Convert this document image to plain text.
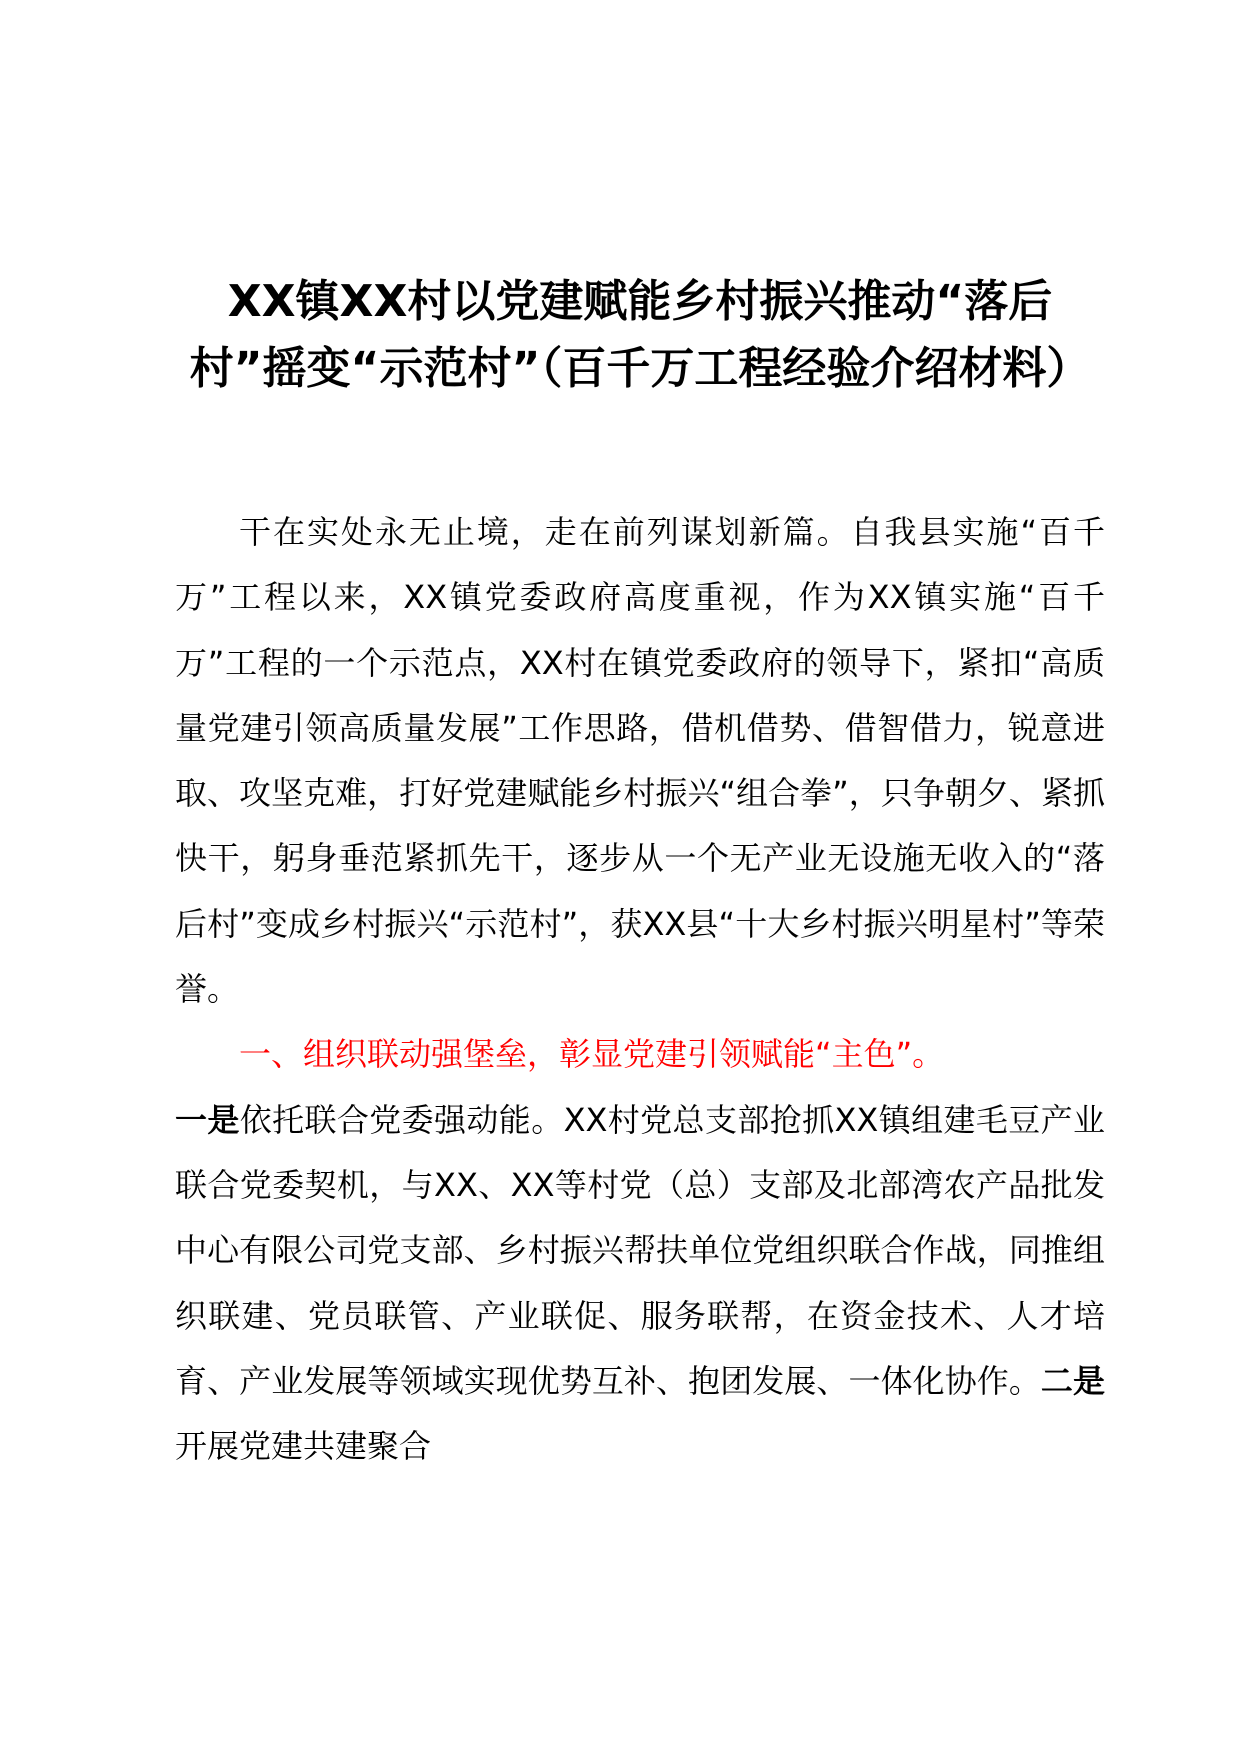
XX镇XX村以党建赋能乡村振兴推动“落后村”摇变“示范村”（百千万工程经验介绍材料）

干在实处永无止境，走在前列谋划新篇。自我县实施“百千万”工程以来，XX镇党委政府高度重视，作为XX镇实施“百千万”工程的一个示范点，XX村在镇党委政府的领导下，紧扣“高质量党建引领高质量发展”工作思路，借机借势、借智借力，锐意进取、攻坚克难，打好党建赋能乡村振兴“组合拳”，只争朝夕、紧抓快干，躬身垂范紧抓先干，逐步从一个无产业无设施无收入的“落后村”变成乡村振兴“示范村”，获XX县“十大乡村振兴明星村”等荣誉。

一、组织联动强堡垒，彰显党建引领赋能“主色”。

一是依托联合党委强动能。XX村党总支部抢抓XX镇组建毛豆产业联合党委契机，与XX、XX等村党（总）支部及北部湾农产品批发中心有限公司党支部、乡村振兴帮扶单位党组织联合作战，同推组织联建、党员联管、产业联促、服务联帮，在资金技术、人才培育、产业发展等领域实现优势互补、抱团发展、一体化协作。二是开展党建共建聚合
